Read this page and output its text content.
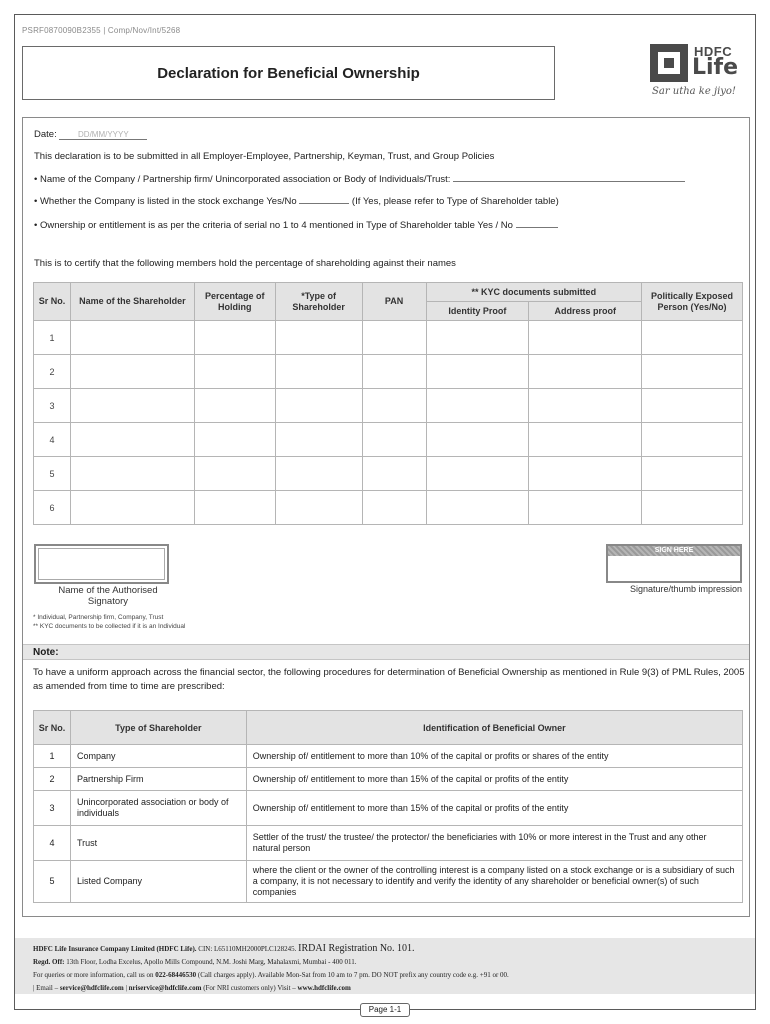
PSRF0870090B2355 | Comp/Nov/Int/5268
Declaration for Beneficial Ownership
HDFC
Life
Sar utha ke jiyo!
Date:	DD/MM/YYYY
This declaration is to be submitted in all Employer-Employee, Partnership, Keyman, Trust, and Group Policies
• Name of the Company / Partnership firm/ Unincorporated association or Body of Individuals/Trust:
• Whether the Company is listed in the stock exchange Yes/No	(If Yes, please refer to Type of Shareholder table)
• Ownership or entitlement is as per the criteria of serial no 1 to 4 mentioned in Type of Shareholder table Yes / No
This is to certify that the following members hold the percentage of shareholding against their names
Sr No.	Name of the Shareholder	Percentage of Holding	*Type of Shareholder	PAN	** KYC documents submitted		Politically Exposed Person (Yes/No)
					Identity Proof	Address proof	
1							
2							
3							
4							
5							
6							
Name of the Authorised Signatory
SIGN HERE
Signature/thumb impression
* Individual, Partnership firm, Company, Trust
** KYC documents to be collected if it is an Individual
Note:
To have a uniform approach across the financial sector, the following procedures for determination of Beneficial Ownership as mentioned in Rule 9(3) of PML Rules, 2005 as amended from time to time are prescribed:
Sr No.	Type of Shareholder	Identification of Beneficial Owner
1	Company	Ownership of/ entitlement to more than 10% of the capital or profits or shares of the entity
2	Partnership Firm	Ownership of/ entitlement to more than 15% of the capital or profits of the entity
3	Unincorporated association or body of individuals	Ownership of/ entitlement to more than 15% of the capital or profits of the entity
4	Trust	Settler of the trust/ the trustee/ the protector/ the beneficiaries with 10% or more interest in the Trust and any other natural person
5	Listed Company	where the client or the owner of the controlling interest is a company listed on a stock exchange or is a subsidiary of such a company, it is not necessary to identify and verify the identity of any shareholder or beneficial owner(s) of such companies
HDFC Life Insurance Company Limited (HDFC Life). CIN: L65110MH2000PLC128245. IRDAI Registration No. 101.
Regd. Off: 13th Floor, Lodha Excelus, Apollo Mills Compound, N.M. Joshi Marg, Mahalaxmi, Mumbai - 400 011.
For queries or more information, call us on 022-68446530 (Call charges apply). Available Mon-Sat from 10 am to 7 pm. DO NOT prefix any country code e.g. +91 or 00.
| Email – service@hdfclife.com | nriservice@hdfclife.com (For NRI customers only) Visit – www.hdfclife.com
Page 1-1
